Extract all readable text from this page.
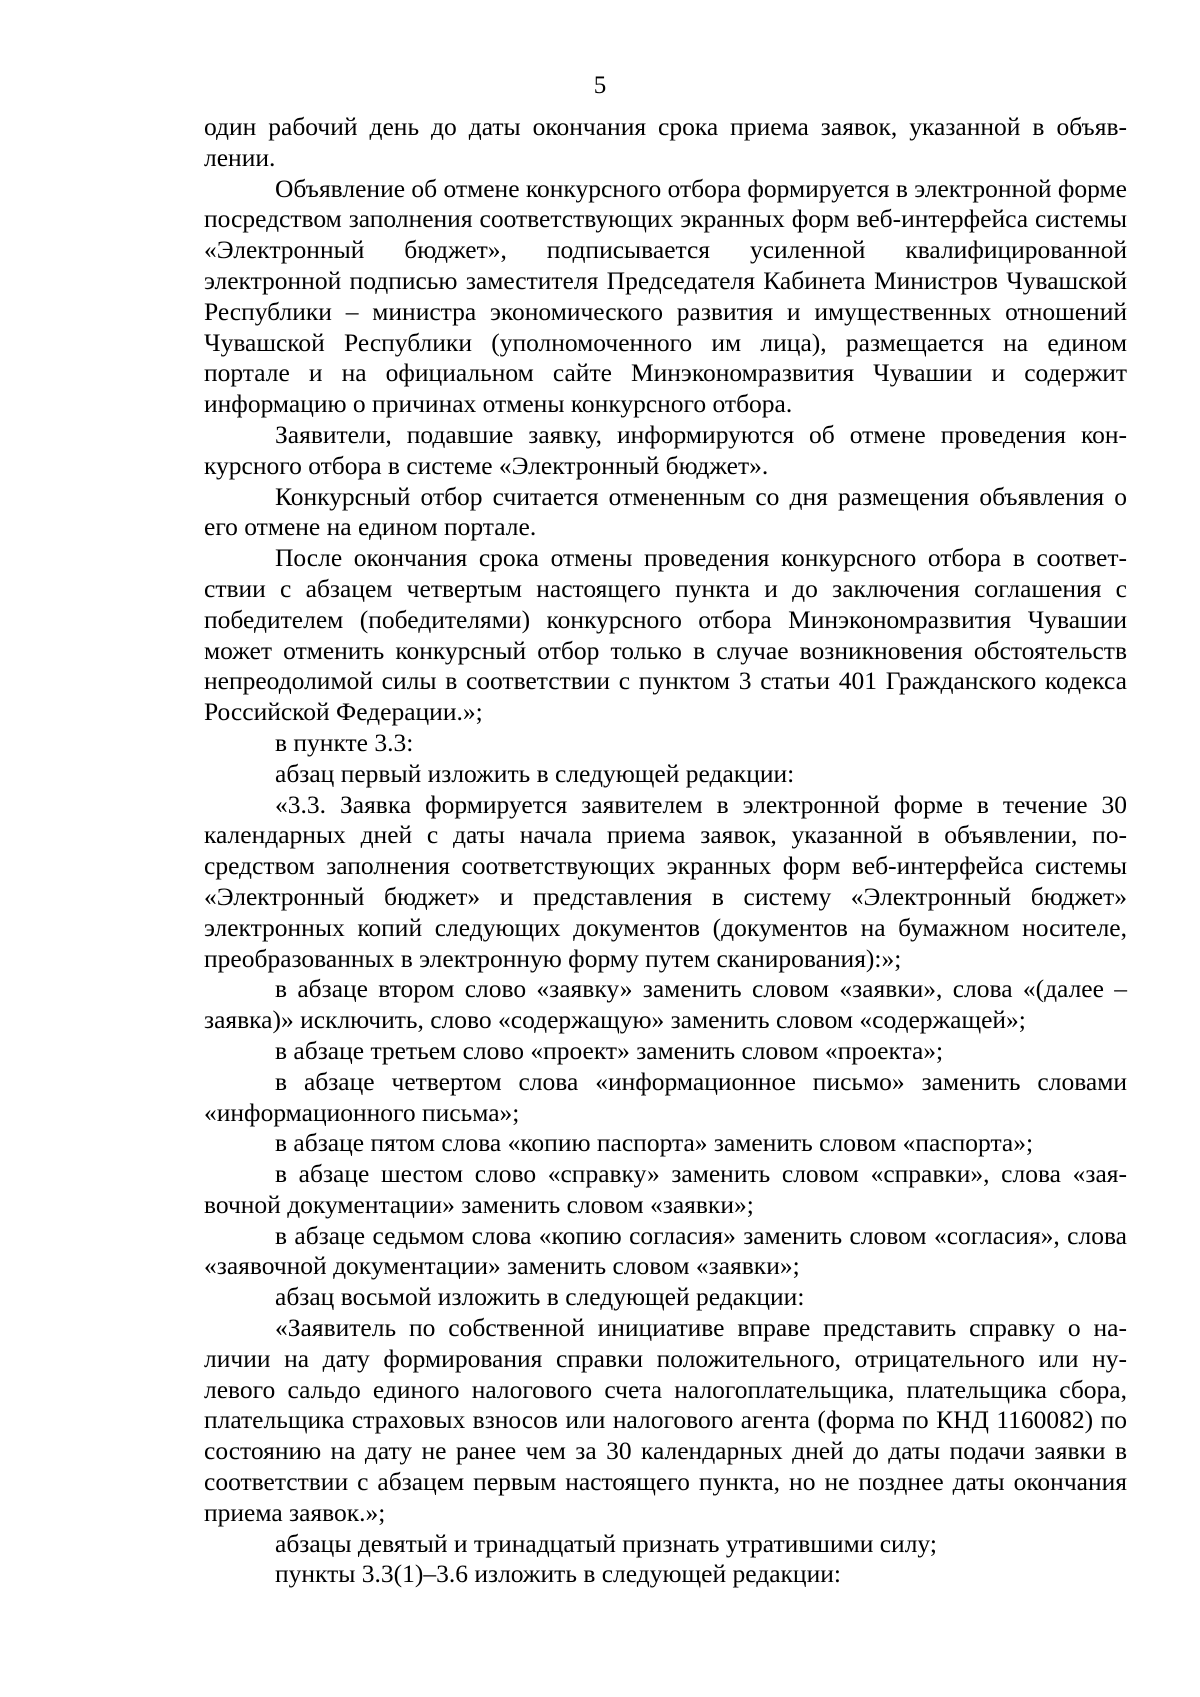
5

один рабочий день до даты окончания срока приема заявок, указанной в объявлении.

Объявление об отмене конкурсного отбора формируется в электронной форме посредством заполнения соответствующих экранных форм веб-интерфейса системы «Электронный бюджет», подписывается усиленной квалифицированной электронной подписью заместителя Председателя Кабинета Министров Чувашской Республики – министра экономического развития и имущественных отношений Чувашской Республики (уполномоченного им лица), размещается на едином портале и на официальном сайте Минэкономразвития Чувашии и содержит информацию о причинах отмены конкурсного отбора.

Заявители, подавшие заявку, информируются об отмене проведения конкурсного отбора в системе «Электронный бюджет».

Конкурсный отбор считается отмененным со дня размещения объявления о его отмене на едином портале.

После окончания срока отмены проведения конкурсного отбора в соответствии с абзацем четвертым настоящего пункта и до заключения соглашения с победителем (победителями) конкурсного отбора Минэкономразвития Чувашии может отменить конкурсный отбор только в случае возникновения обстоятельств непреодолимой силы в соответствии с пунктом 3 статьи 401 Гражданского кодекса Российской Федерации.»;

в пункте 3.3:

абзац первый изложить в следующей редакции:

«3.3. Заявка формируется заявителем в электронной форме в течение 30 календарных дней с даты начала приема заявок, указанной в объявлении, посредством заполнения соответствующих экранных форм веб-интерфейса системы «Электронный бюджет» и представления в систему «Электронный бюджет» электронных копий следующих документов (документов на бумажном носителе, преобразованных в электронную форму путем сканирования):»;

в абзаце втором слово «заявку» заменить словом «заявки», слова «(далее – заявка)» исключить, слово «содержащую» заменить словом «содержащей»;

в абзаце третьем слово «проект» заменить словом «проекта»;

в абзаце четвертом слова «информационное письмо» заменить словами «информационного письма»;

в абзаце пятом слова «копию паспорта» заменить словом «паспорта»;

в абзаце шестом слово «справку» заменить словом «справки», слова «заявочной документации» заменить словом «заявки»;

в абзаце седьмом слова «копию согласия» заменить словом «согласия», слова «заявочной документации» заменить словом «заявки»;

абзац восьмой изложить в следующей редакции:

«Заявитель по собственной инициативе вправе представить справку о наличии на дату формирования справки положительного, отрицательного или нулевого сальдо единого налогового счета налогоплательщика, плательщика сбора, плательщика страховых взносов или налогового агента (форма по КНД 1160082) по состоянию на дату не ранее чем за 30 календарных дней до даты подачи заявки в соответствии с абзацем первым настоящего пункта, но не позднее даты окончания приема заявок.»;

абзацы девятый и тринадцатый признать утратившими силу;

пункты 3.3(1)–3.6 изложить в следующей редакции:
